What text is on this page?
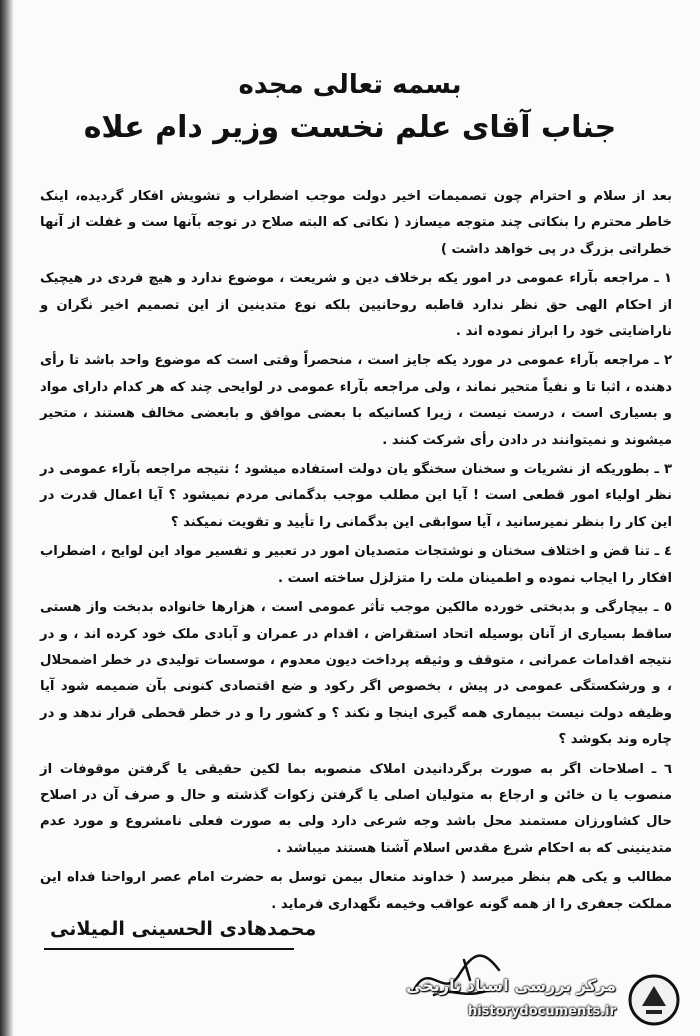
بسمه تعالی مجده
جناب آقای علم نخست وزیر دام علاه

بعد از سلام و احترام چون تصمیمات اخیر دولت موجب اضطراب و تشویش افکار گردیده، اینک خاطر محترم را بنکاتی چند متوجه میسازد ( نکاتی که البته صلاح در توجه بآنها ست و غفلت از آنها خطراتی بزرگ در پی خواهد داشت )

١ ـ مراجعه بآراء عمومی در امور یکه برخلاف دین و شریعت ، موضوع ندارد و هیچ فردی در هیچیک از احکام الهی حق نظر ندارد قاطبه روحانیین بلکه نوع متدینین از این تصمیم اخیر نگران و ناراضایتی خود را ابراز نموده اند .

٢ ـ مراجعه بآراء عمومی در مورد یکه جایز است ، منحصراً وقتی است که موضوع واحد باشد تا رأی دهنده ، اثبا تا و نفیاً متحیر نماند ، ولی مراجعه بآراء عمومی در لوایحی چند که هر کدام دارای مواد و بسیاری است ، درست نیست ، زیرا کسانیکه با بعضی موافق و بابعضی مخالف هستند ، متحیر میشوند و نمیتوانند در دادن رأی شرکت کنند .

٣ ـ بطوریکه از نشریات و سخنان سخنگو یان دولت استفاده میشود ؛ نتیجه مراجعه بآراء عمومی در نظر اولیاء امور قطعی است ! آیا این مطلب موجب بدگمانی مردم نمیشود ؟ آیا اعمال قدرت در این کار را بنظر نمیرسانید ، آیا سوابقی این بدگمانی را تأیید و تقویت نمیکند ؟

٤ ـ تنا قض و اختلاف سخنان و نوشتجات متصدیان امور در تعبیر و تفسیر مواد این لوایح ، اضطراب افکار را ایجاب نموده و اطمینان ملت را متزلزل ساخته است .

٥ ـ بیچارگی و بدبختی خورده مالکین موجب تأثر عمومی است ، هزارها خانواده بدبخت واز هستی ساقط بسیاری از آنان بوسیله اتحاد استقراض ، اقدام در عمران و آبادی ملک خود کرده اند ، و در نتیجه اقدامات عمرانی ، متوقف و وثیقه پرداخت دیون معدوم ، موسسات تولیدی در خطر اضمحلال ، و ورشکستگی عمومی در پیش ، بخصوص اگر رکود و ضع اقتصادی کنونی بآن ضمیمه شود آیا وظیفه دولت نیست ببیماری همه گیری اینجا و نکند ؟ و کشور را و در خطر قحطی قرار ندهد و در چاره وند بکوشد ؟

٦ ـ اصلاحات اگر به صورت برگردانیدن املاک منصوبه بما لکین حقیقی یا گرفتن موقوفات از منصوب یا ن خائن و ارجاع به متولیان اصلی یا گرفتن زکوات گذشته و حال و صرف آن در اصلاح حال کشاورزان مستمند محل باشد وجه شرعی دارد ولی به صورت فعلی نامشروع و مورد عدم متدینینی که به احکام شرع مقدس اسلام آشنا هستند میباشد .

مطالب و یکی هم بنظر میرسد ( خداوند متعال بیمن توسل به حضرت امام عصر ارواحنا فداه این مملکت جعفری را از همه گونه عواقب وخیمه نگهداری فرماید .

محمدهادی الحسینی المیلانی
مرکز بررسی اسناد تاریخی
historydocuments.ir
